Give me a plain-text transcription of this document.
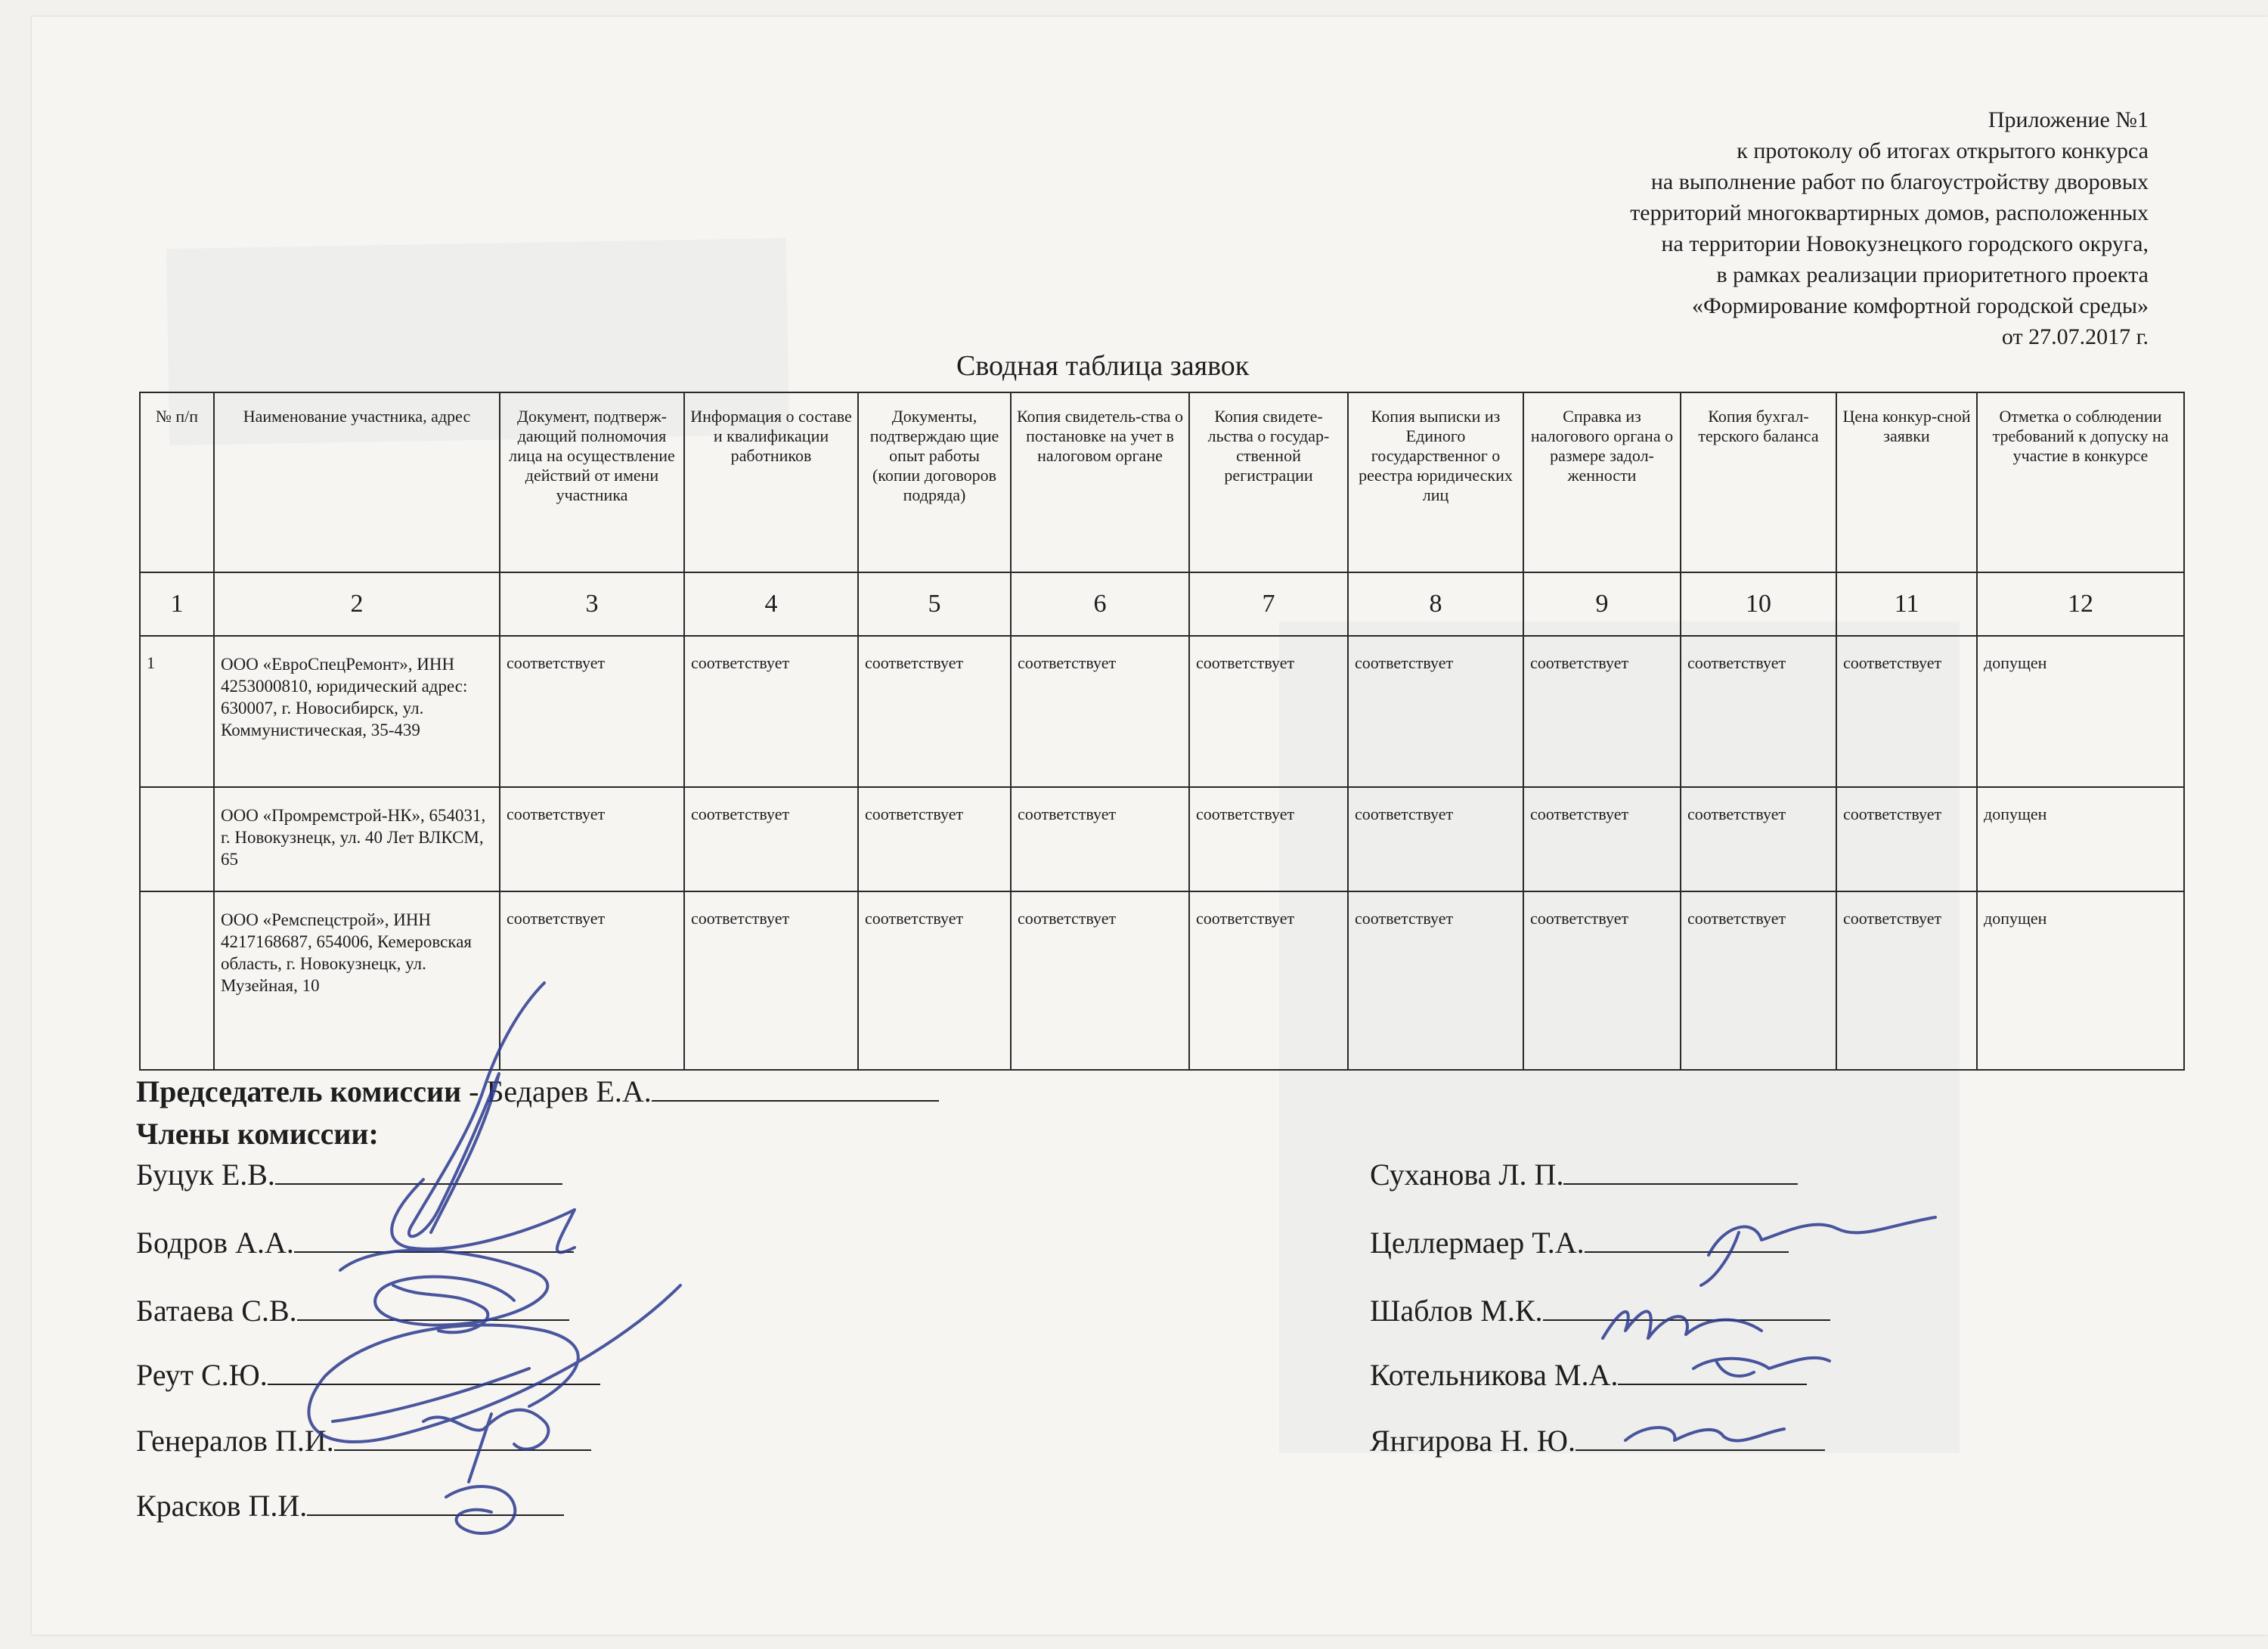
Приложение №1
к протоколу об итогах открытого конкурса
на выполнение работ по благоустройству дворовых
территорий многоквартирных домов, расположенных
на территории Новокузнецкого городского округа,
в рамках реализации приоритетного проекта
«Формирование комфортной городской среды»
от 27.07.2017 г.
Сводная таблица заявок
№ п/п	Наименование участника, адрес	Документ, подтверж-дающий полномочия лица на осуществление действий от имени участника	Информация о составе и квалификации работников	Документы, подтверждаю щие опыт работы (копии договоров подряда)	Копия свидетель-ства о постановке на учет в налоговом органе	Копия свидете-льства о государ-ственной регистрации	Копия выписки из Единого государственног о реестра юридических лиц	Справка из налогового органа о размере задол-женности	Копия бухгал-терского баланса	Цена конкур-сной заявки	Отметка о соблюдении требований к допуску на участие в конкурсе
1	2	3	4	5	6	7	8	9	10	11	12
1	ООО «ЕвроСпецРемонт», ИНН 4253000810, юридический адрес: 630007, г. Новосибирск, ул. Коммунистическая, 35-439	соответствует	соответствует	соответствует	соответствует	соответствует	соответствует	соответствует	соответствует	соответствует	допущен
	ООО «Промремстрой-НК», 654031, г. Новокузнецк, ул. 40 Лет ВЛКСМ, 65	соответствует	соответствует	соответствует	соответствует	соответствует	соответствует	соответствует	соответствует	соответствует	допущен
	ООО «Ремспецстрой», ИНН 4217168687, 654006, Кемеровская область, г. Новокузнецк, ул. Музейная, 10	соответствует	соответствует	соответствует	соответствует	соответствует	соответствует	соответствует	соответствует	соответствует	допущен
Председатель комиссии - Бедарев Е.А.
Члены комиссии:
Буцук Е.В.
Бодров А.А.
Батаева С.В.
Реут С.Ю.
Генералов П.И.
Красков П.И.
Суханова Л. П.
Целлермаер Т.А.
Шаблов М.К.
Котельникова М.А.
Янгирова Н. Ю.
